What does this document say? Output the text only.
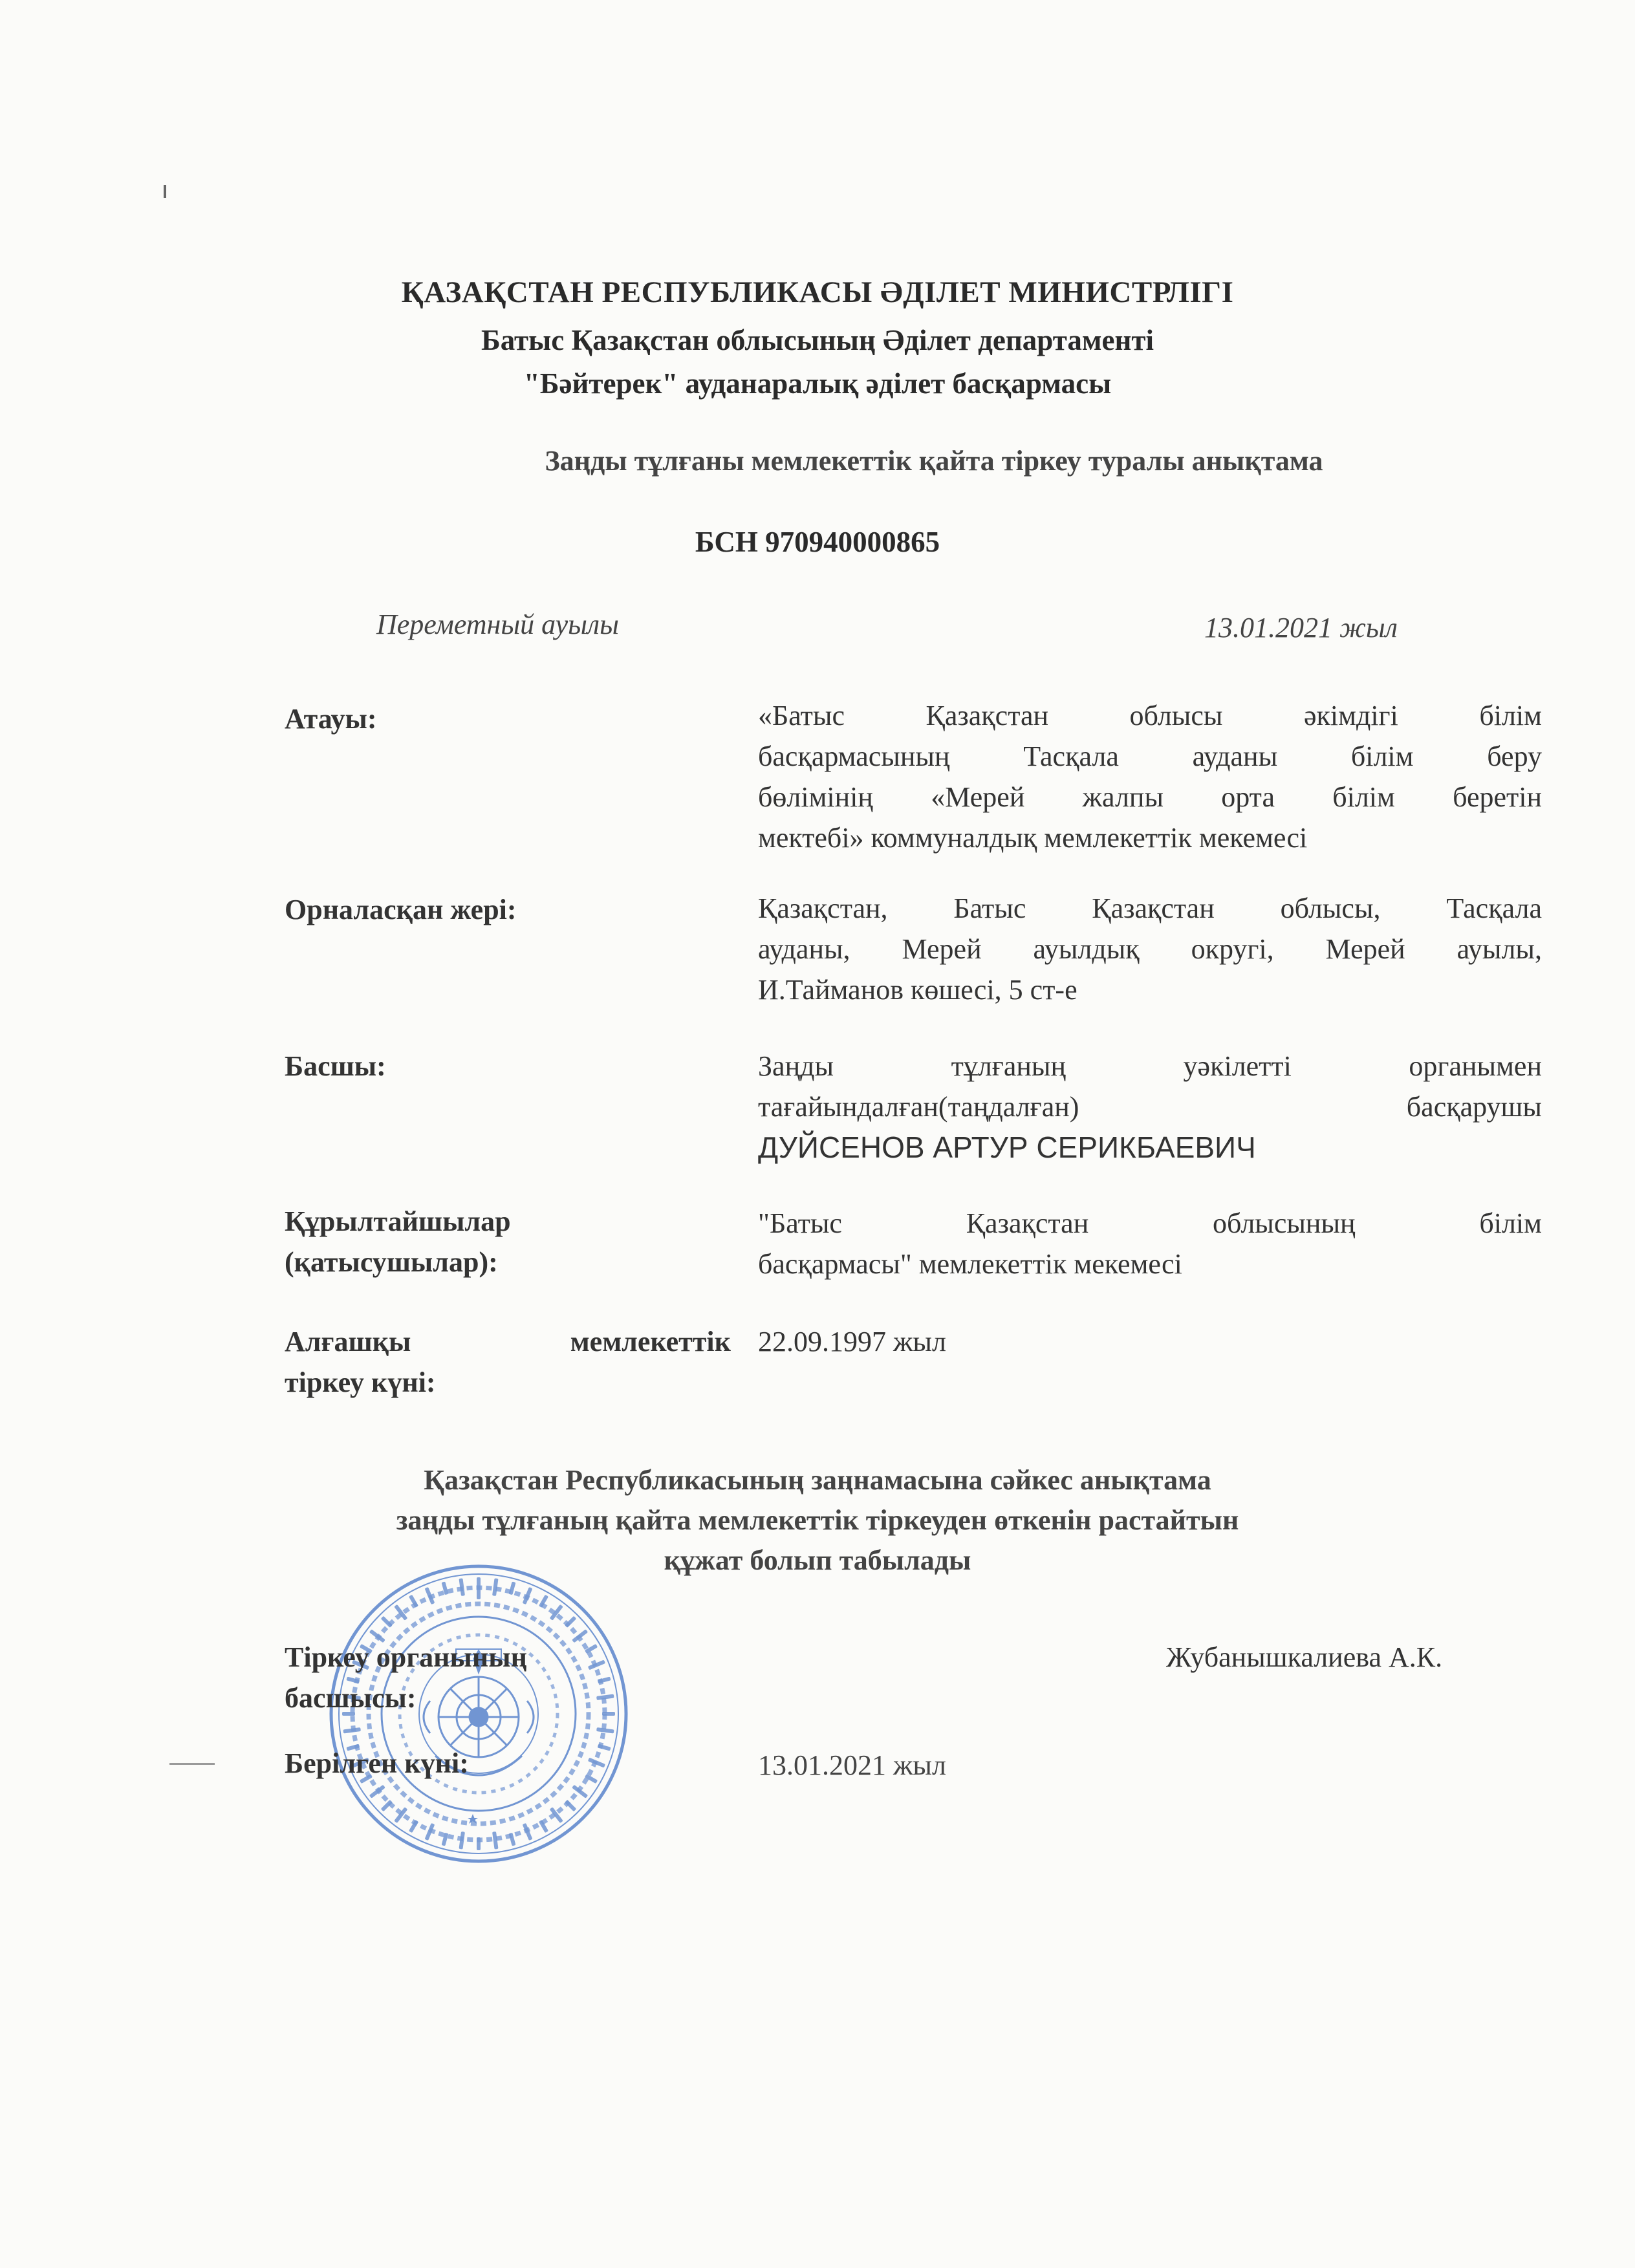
ҚАЗАҚСТАН РЕСПУБЛИКАСЫ ӘДІЛЕТ МИНИСТРЛІГІ
Батыс Қазақстан облысының Әділет департаменті
"Бәйтерек" ауданаралық әділет басқармасы
Заңды тұлғаны мемлекеттік қайта тіркеу туралы анықтама
БСН 970940000865
Переметный ауылы	13.01.2021 жыл
Атауы:	«Батыс Қазақстан облысы әкімдігі білім
басқармасының Тасқала ауданы білім беру
бөлімінің «Мерей жалпы орта білім беретін
мектебі» коммуналдық мемлекеттік мекемесі
Орналасқан жері:	Қазақстан, Батыс Қазақстан облысы, Тасқала
ауданы, Мерей ауылдық округі, Мерей ауылы,
И.Тайманов көшесі, 5 ст-е
Басшы:	Заңды тұлғаның уәкілетті органымен
тағайындалған(таңдалған) басқарушы
ДУЙСЕНОВ АРТУР СЕРИКБАЕВИЧ
Құрылтайшылар
(қатысушылар):
"Батыс Қазақстан облысының білім
басқармасы" мемлекеттік мекемесі
Алғашқы мемлекеттік
тіркеу күні:
22.09.1997 жыл
Қазақстан Республикасының заңнамасына сәйкес анықтама
заңды тұлғаның қайта мемлекеттік тіркеуден өткенін растайтын
құжат болып табылады
Тіркеу органының
басшысы:
Жубанышкалиева А.К.
Берілген күні:	13.01.2021 жыл
